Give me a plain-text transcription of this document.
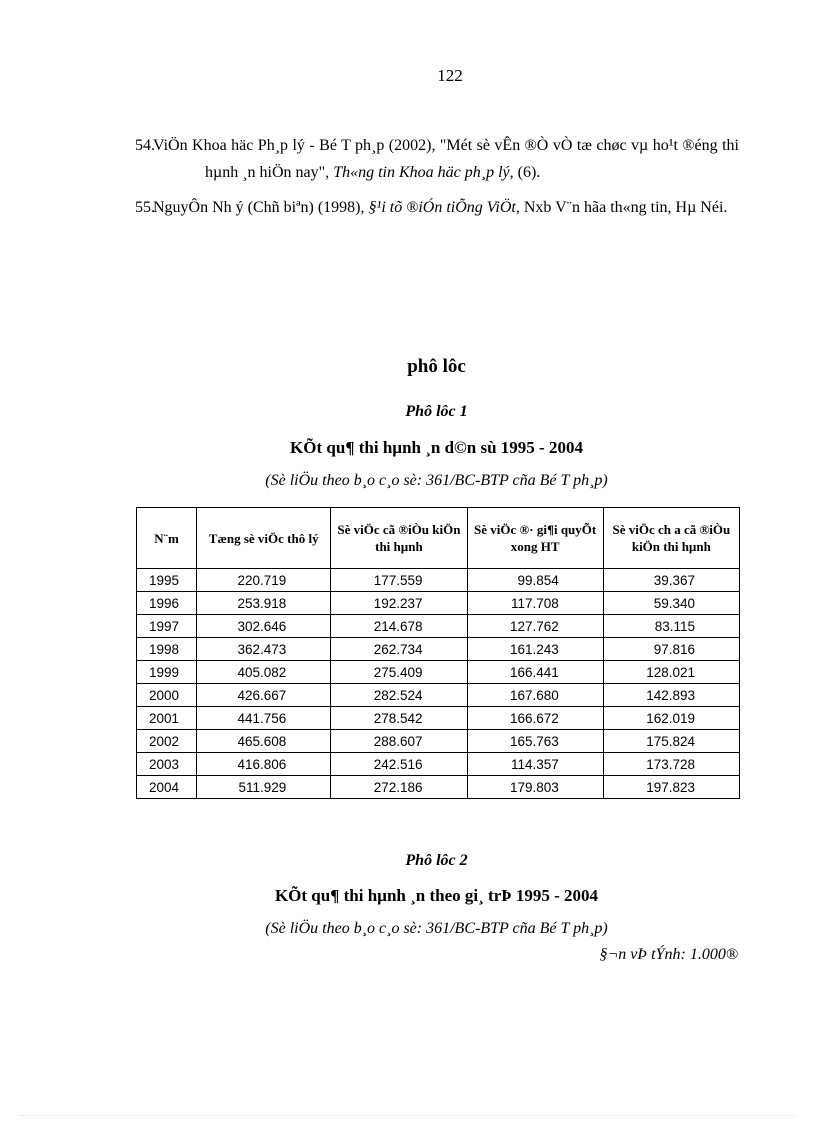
122
54.
ViÖn Khoa häc Ph¸p lý - Bé T ph¸p (2002), "Mét sè vÊn ®Ò vÒ tæ chøc vµ ho¹t ®éng thi hµnh ¸n hiÖn nay", Th«ng tin Khoa häc ph¸p lý, (6).
55.
NguyÔn Nh ý (Chñ biªn) (1998), §¹i tõ ®iÓn tiÕng ViÖt, Nxb V¨n hãa th«ng tin, Hµ Néi.
phô lôc
Phô lôc 1
KÕt qu¶ thi hµnh ¸n d©n sù 1995 - 2004
(Sè liÖu theo b¸o c¸o sè: 361/BC-BTP cña Bé T ph¸p)
N¨m	Tæng sè viÖc thô lý	Sè viÖc cã ®iÒu kiÖn thi hµnh	Sè viÖc ®· gi¶i quyÕt xong HT	Sè viÖc ch a cã ®iÒu kiÖn thi hµnh
1995	220.719	177.559	99.854	39.367
1996	253.918	192.237	117.708	59.340
1997	302.646	214.678	127.762	83.115
1998	362.473	262.734	161.243	97.816
1999	405.082	275.409	166.441	128.021
2000	426.667	282.524	167.680	142.893
2001	441.756	278.542	166.672	162.019
2002	465.608	288.607	165.763	175.824
2003	416.806	242.516	114.357	173.728
2004	511.929	272.186	179.803	197.823
Phô lôc 2
KÕt qu¶ thi hµnh ¸n theo gi¸ trÞ 1995 - 2004
(Sè liÖu theo b¸o c¸o sè: 361/BC-BTP cña Bé T ph¸p)
§¬n vÞ tÝnh: 1.000®
